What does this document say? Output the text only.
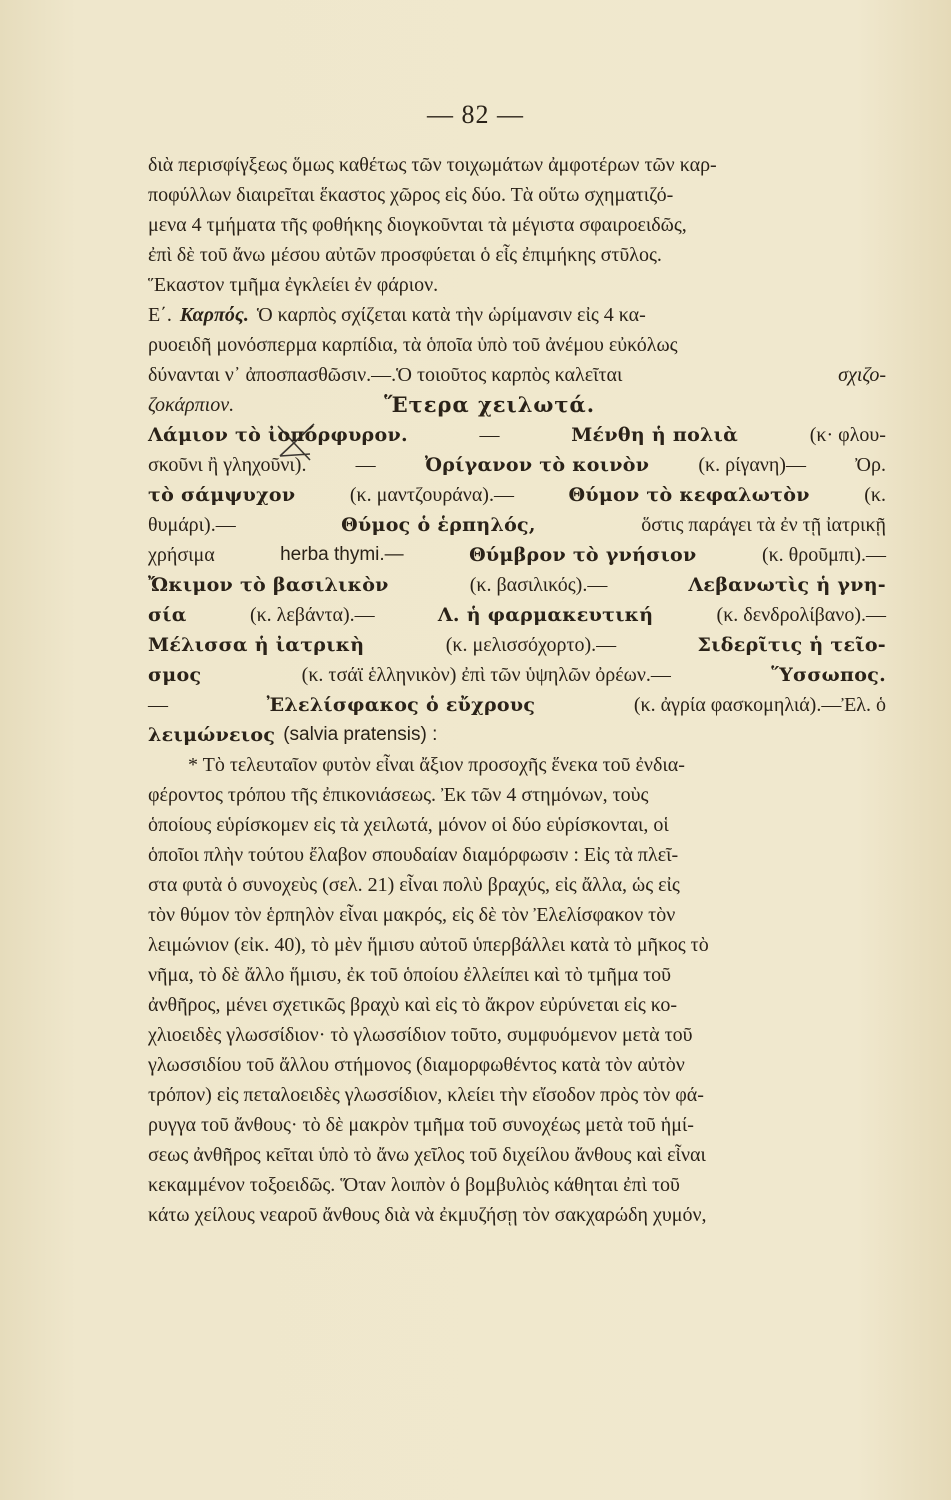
— 82 —
διὰ περισφίγξεως ὅμως καθέτως τῶν τοιχωμάτων ἀμφοτέρων τῶν καρ-
ποφύλλων διαιρεῖται ἕκαστος χῶρος εἰς δύο. Τὰ οὕτω σχηματιζό-
μενα 4 τμήματα τῆς φοθήκης διογκοῦνται τὰ μέγιστα σφαιροειδῶς,
ἐπὶ δὲ τοῦ ἄνω μέσου αὐτῶν προσφύεται ὁ εἷς ἐπιμήκης στῦλος.
Ἕκαστον τμῆμα ἐγκλείει ἐν φάριον.
Ε΄. Καρπός. Ὁ καρπὸς σχίζεται κατὰ τὴν ὡρίμανσιν εἰς 4 κα-
ρυοειδῆ μονόσπερμα καρπίδια, τὰ ὁποῖα ὑπὸ τοῦ ἀνέμου εὐκόλως
δύνανται ν᾽ ἀποσπασθῶσιν.—.Ὁ τοιοῦτος καρπὸς καλεῖται	σχιζο-
ζοκάρπιον.	Ἕτερα χειλωτά.
Λάμιον τὸ ἰοπόρφυρον.	—	Μένθη ἡ πολιὰ	(κ· φλου-
σκοῦνι ἢ γληχοῦνι). —	Ὀρίγανον τὸ κοινὸν (κ. ρίγανη)— Ὀρ.
τὸ σάμψυχον	(κ. μαντζουράνα).—	Θύμον τὸ κεφαλωτὸν	(κ.
θυμάρι).—	Θύμος ὁ ἑρπηλός,	ὅστις παράγει τὰ ἐν τῇ ἰατρικῇ
χρήσιμα	herba thymi.—	Θύμβρον τὸ γνήσιον	(κ. θροῦμπι).—
Ὤκιμον τὸ βασιλικὸν	(κ. βασιλικός).—	Λεβανωτὶς ἡ γνη-
σία	(κ. λεβάντα).—	Λ. ἡ φαρμακευτική	(κ. δενδρολίβανο).—
Μέλισσα ἡ ἰατρικὴ	(κ. μελισσόχορτο).—	Σιδερῖτις ἡ τεῖο-
σμος	(κ. τσάϊ ἑλληνικὸν) ἐπὶ τῶν ὑψηλῶν ὀρέων.—	Ὕσσωπος.
—	Ἐλελίσφακος ὁ εὔχρους	(κ. ἀγρία φασκομηλιά).—Ἐλ. ὁ
λειμώνειος (salvia pratensis) :
* Τὸ τελευταῖον φυτὸν εἶναι ἄξιον προσοχῆς ἕνεκα τοῦ ἐνδια-
φέροντος τρόπου τῆς ἐπικονιάσεως. Ἐκ τῶν 4 στημόνων, τοὺς
ὁποίους εὑρίσκομεν εἰς τὰ χειλωτά, μόνον οἱ δύο εὑρίσκονται, οἱ
ὁποῖοι πλὴν τούτου ἔλαβον σπουδαίαν διαμόρφωσιν : Εἰς τὰ πλεῖ-
στα φυτὰ ὁ συνοχεὺς (σελ. 21) εἶναι πολὺ βραχύς, εἰς ἄλλα, ὡς εἰς
τὸν θύμον τὸν ἑρπηλὸν εἶναι μακρός, εἰς δὲ τὸν Ἐλελίσφακον τὸν
λειμώνιον (εἰκ. 40), τὸ μὲν ἥμισυ αὐτοῦ ὑπερβάλλει κατὰ τὸ μῆκος τὸ
νῆμα, τὸ δὲ ἄλλο ἥμισυ, ἐκ τοῦ ὁποίου ἐλλείπει καὶ τὸ τμῆμα τοῦ
ἀνθῆρος, μένει σχετικῶς βραχὺ καὶ εἰς τὸ ἄκρον εὐρύνεται εἰς κο-
χλιοειδὲς γλωσσίδιον· τὸ γλωσσίδιον τοῦτο, συμφυόμενον μετὰ τοῦ
γλωσσιδίου τοῦ ἄλλου στήμονος (διαμορφωθέντος κατὰ τὸν αὐτὸν
τρόπον) εἰς πεταλοειδὲς γλωσσίδιον, κλείει τὴν εἴσοδον πρὸς τὸν φά-
ρυγγα τοῦ ἄνθους· τὸ δὲ μακρὸν τμῆμα τοῦ συνοχέως μετὰ τοῦ ἡμί-
σεως ἀνθῆρος κεῖται ὑπὸ τὸ ἄνω χεῖλος τοῦ διχείλου ἄνθους καὶ εἶναι
κεκαμμένον τοξοειδῶς. Ὅταν λοιπὸν ὁ βομβυλιὸς κάθηται ἐπὶ τοῦ
κάτω χείλους νεαροῦ ἄνθους διὰ νὰ ἐκμυζήσῃ τὸν σακχαρώδη χυμόν,
